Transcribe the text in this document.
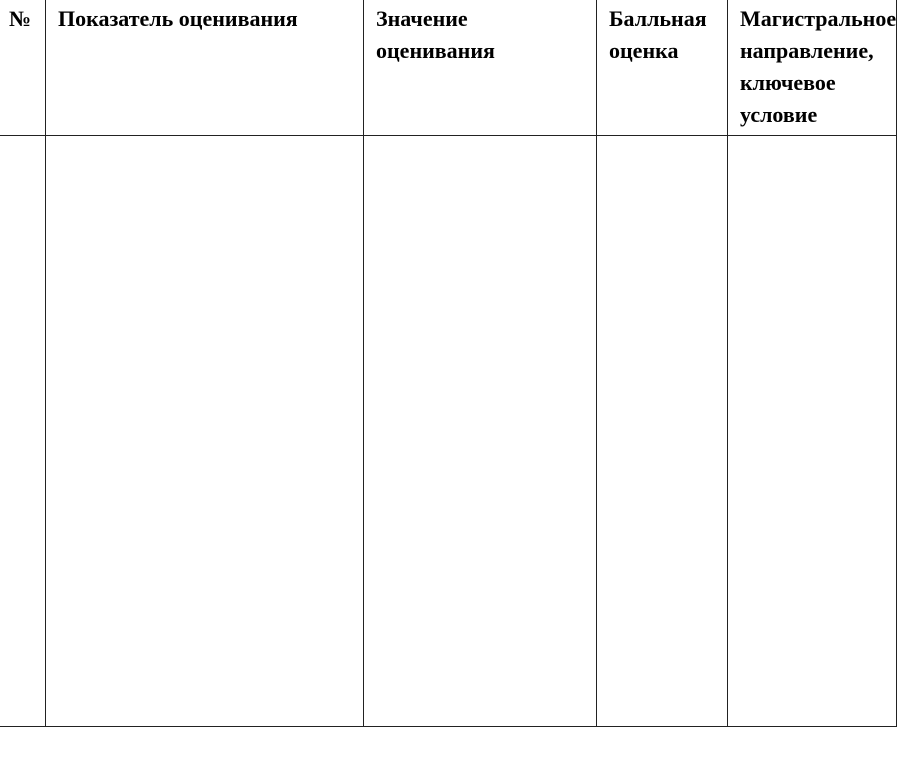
№	Показатель оценивания	Значение оценивания	Балльная оценка	Магистральное направление, ключевое условие
